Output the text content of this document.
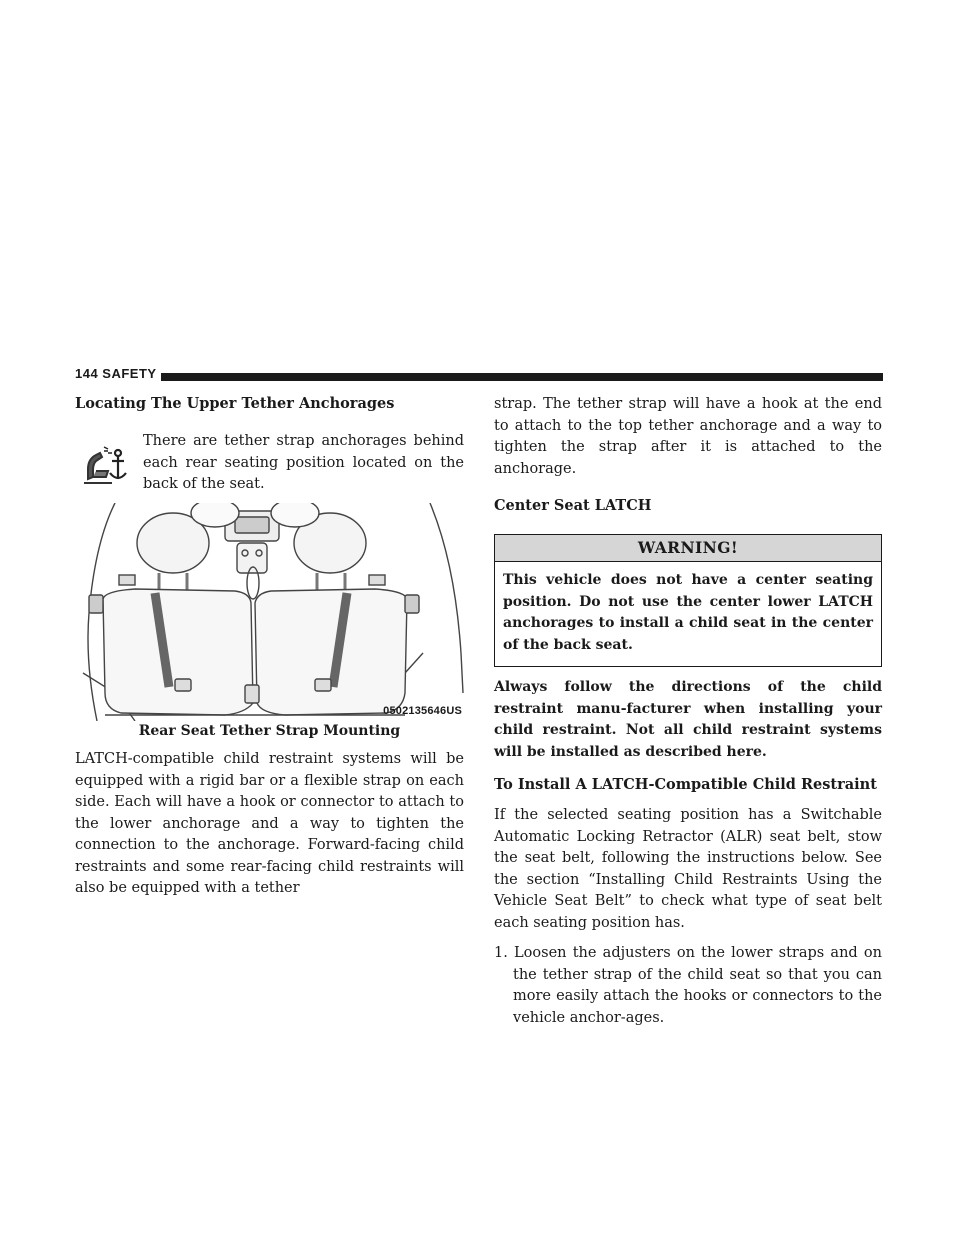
144 SAFETY
Locating The Upper Tether Anchorages

There are tether strap anchorages behind each rear seating position located on the back of the seat.

0502135646US
Rear Seat Tether Strap Mounting

LATCH-compatible child restraint systems will be equipped with a rigid bar or a flexible strap on each side. Each will have a hook or connector to attach to the lower anchorage and a way to tighten the connection to the anchorage. Forward-facing child restraints and some rear-facing child restraints will also be equipped with a tether

strap. The tether strap will have a hook at the end to attach to the top tether anchorage and a way to tighten the strap after it is attached to the anchorage.

Center Seat LATCH
WARNING!

This vehicle does not have a center seating position. Do not use the center lower LATCH anchorages to install a child seat in the center of the back seat.

Always follow the directions of the child restraint manu-facturer when installing your child restraint. Not all child restraint systems will be installed as described here.

To Install A LATCH-Compatible Child Restraint

If the selected seating position has a Switchable Automatic Locking Retractor (ALR) seat belt, stow the seat belt, following the instructions below. See the section “Installing Child Restraints Using the Vehicle Seat Belt” to check what type of seat belt each seating position has.

1. Loosen the adjusters on the lower straps and on the tether strap of the child seat so that you can more easily attach the hooks or connectors to the vehicle anchor-ages.
